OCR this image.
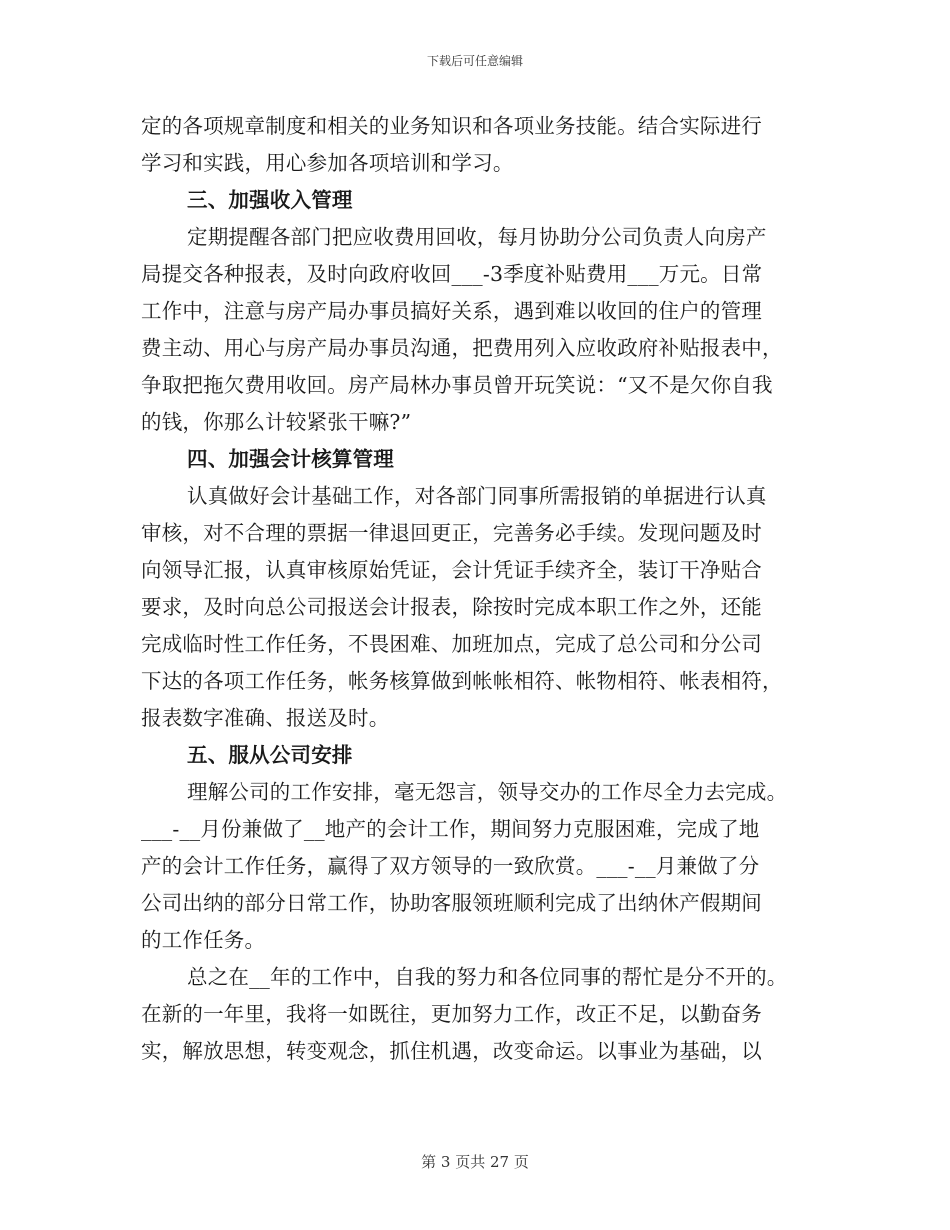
下载后可任意编辑
定的各项规章制度和相关的业务知识和各项业务技能。结合实际进行
学习和实践，用心参加各项培训和学习。
三、加强收入管理
定期提醒各部门把应收费用回收，每月协助分公司负责人向房产
局提交各种报表，及时向政府收回___-3季度补贴费用___万元。日常
工作中，注意与房产局办事员搞好关系，遇到难以收回的住户的管理
费主动、用心与房产局办事员沟通，把费用列入应收政府补贴报表中，
争取把拖欠费用收回。房产局林办事员曾开玩笑说：“又不是欠你自我
的钱，你那么计较紧张干嘛?”
四、加强会计核算管理
认真做好会计基础工作，对各部门同事所需报销的单据进行认真
审核，对不合理的票据一律退回更正，完善务必手续。发现问题及时
向领导汇报，认真审核原始凭证，会计凭证手续齐全，装订干净贴合
要求，及时向总公司报送会计报表，除按时完成本职工作之外，还能
完成临时性工作任务，不畏困难、加班加点，完成了总公司和分公司
下达的各项工作任务，帐务核算做到帐帐相符、帐物相符、帐表相符，
报表数字准确、报送及时。
五、服从公司安排
理解公司的工作安排，毫无怨言，领导交办的工作尽全力去完成。
___-__月份兼做了__地产的会计工作，期间努力克服困难，完成了地
产的会计工作任务，赢得了双方领导的一致欣赏。___-__月兼做了分
公司出纳的部分日常工作，协助客服领班顺利完成了出纳休产假期间
的工作任务。
总之在__年的工作中，自我的努力和各位同事的帮忙是分不开的。
在新的一年里，我将一如既往，更加努力工作，改正不足，以勤奋务
实，解放思想，转变观念，抓住机遇，改变命运。以事业为基础，以
第 3 页共 27 页
